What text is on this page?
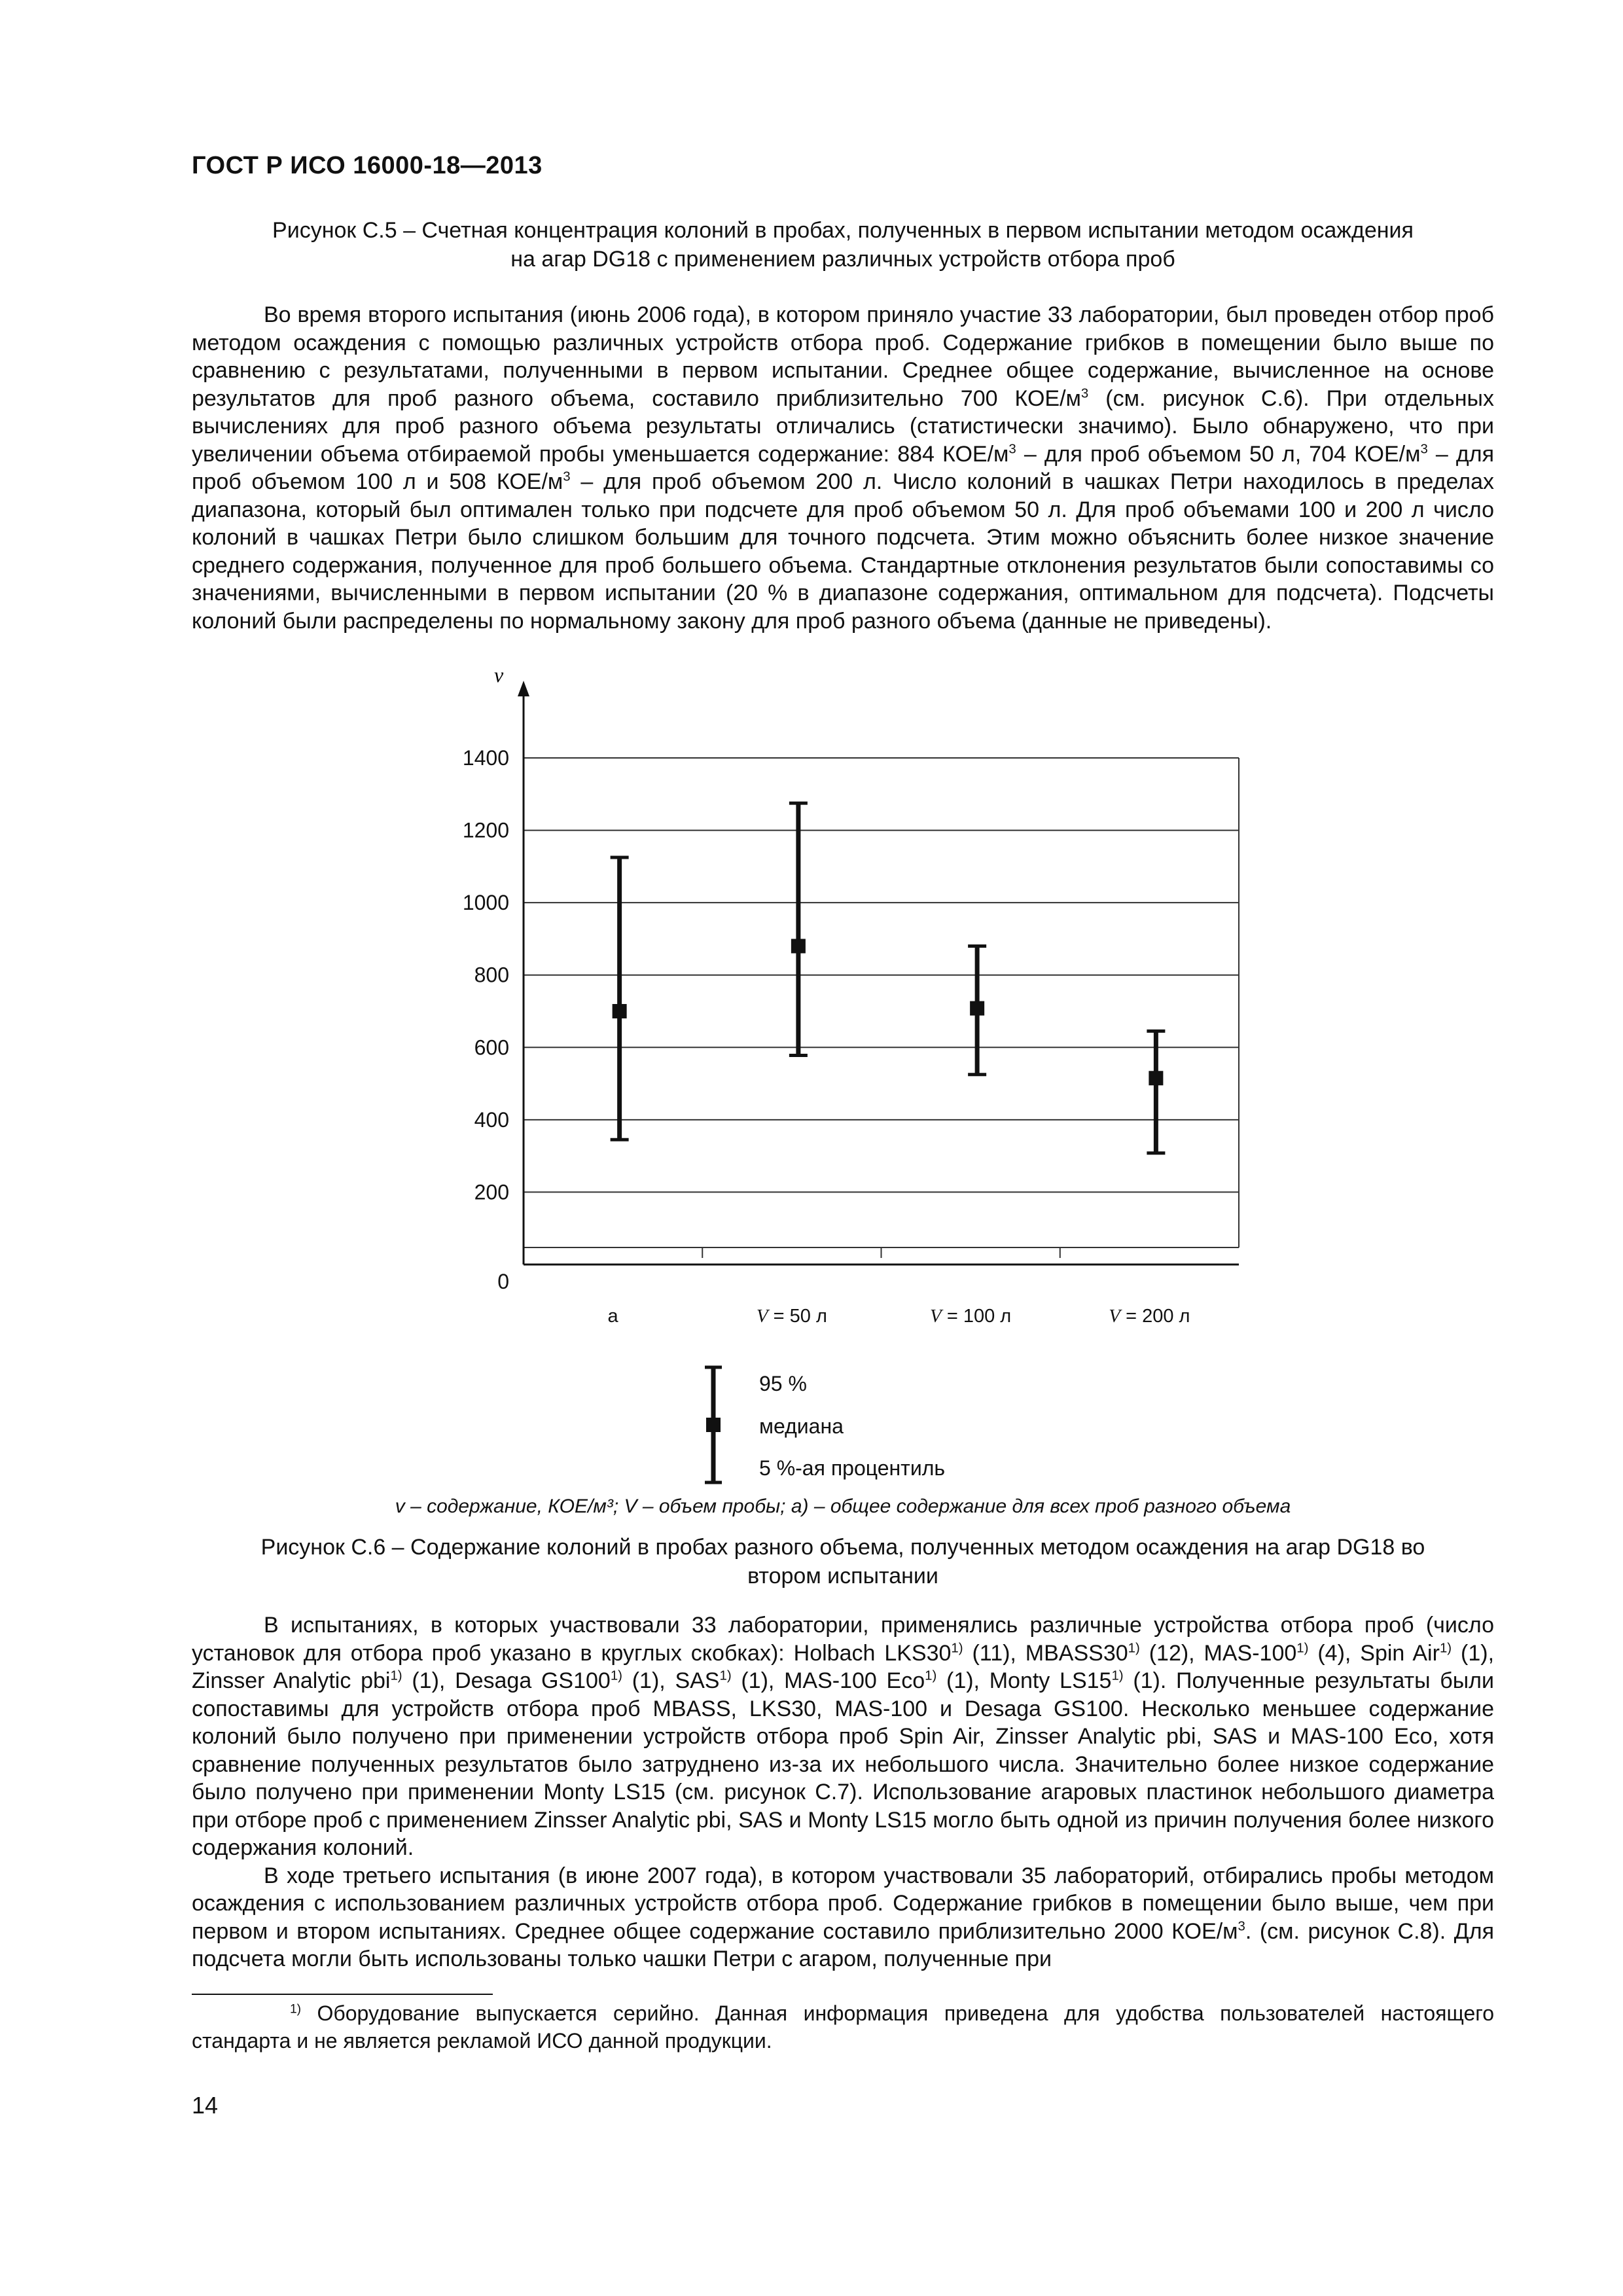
ГОСТ Р ИСО 16000-18—2013
Рисунок С.5 – Счетная концентрация колоний в пробах, полученных в первом испытании методом осаждения
на агар DG18 с применением различных устройств отбора проб

Во время второго испытания (июнь 2006 года), в котором приняло участие 33 лаборатории, был проведен отбор проб методом осаждения с помощью различных устройств отбора проб. Содержание грибков в помещении было выше по сравнению с результатами, полученными в первом испытании. Среднее общее содержание, вычисленное на основе результатов для проб разного объема, составило приблизительно 700 КОЕ/$м^3$ (см. рисунок С.6). При отдельных вычислениях для проб разного объема результаты отличались (статистически значимо). Было обнаружено, что при увеличении объема отбираемой пробы уменьшается содержание: 884 КОЕ/$м^3$ – для проб объемом 50 л, 704 КОЕ/$м^3$ – для проб объемом 100 л и 508 КОЕ/$м^3$ – для проб объемом 200 л. Число колоний в чашках Петри находилось в пределах диапазона, который был оптимален только при подсчете для проб объемом 50 л. Для проб объемами 100 и 200 л число колоний в чашках Петри было слишком большим для точного подсчета. Этим можно объяснить более низкое значение среднего содержания, полученное для проб большего объема. Стандартные отклонения результатов были сопоставимы со значениями, вычисленными в первом испытании (20 % в диапазоне содержания, оптимальном для подсчета). Подсчеты колоний были распределены по нормальному закону для проб разного объема (данные не приведены).

v
0
200
400
600
800
1000
1200
1400
а	V = 50 л	V = 100 л	V = 200 л
95 %
медиана
5 %-ая процентиль
v – содержание, КОЕ/м³; V – объем пробы; а) – общее содержание для всех проб разного объема
Рисунок С.6 – Содержание колоний в пробах разного объема, полученных методом осаждения на агар DG18 во
втором испытании

В испытаниях, в которых участвовали 33 лаборатории, применялись различные устройства отбора проб (число установок для отбора проб указано в круглых скобках): Holbach LKS30$^{1)}$ (11), MBASS30$^{1)}$ (12), MAS-100$^{1)}$ (4), Spin Air$^{1)}$ (1), Zinsser Analytic pbi$^{1)}$ (1), Desaga GS100$^{1)}$ (1), SAS$^{1)}$ (1), MAS-100 Eco$^{1)}$ (1), Monty LS15$^{1)}$ (1). Полученные результаты были сопоставимы для устройств отбора проб MBASS, LKS30, MAS-100 и Desaga GS100. Несколько меньшее содержание колоний было получено при применении устройств отбора проб Spin Air, Zinsser Analytic pbi, SAS и MAS-100 Eco, хотя сравнение полученных результатов было затруднено из-за их небольшого числа. Значительно более низкое содержание было получено при применении Monty LS15 (см. рисунок С.7). Использование агаровых пластинок небольшого диаметра при отборе проб с применением Zinsser Analytic pbi, SAS и Monty LS15 могло быть одной из причин получения более низкого содержания колоний.

В ходе третьего испытания (в июне 2007 года), в котором участвовали 35 лабораторий, отбирались пробы методом осаждения с использованием различных устройств отбора проб. Содержание грибков в помещении было выше, чем при первом и втором испытаниях. Среднее общее содержание составило приблизительно 2000 КОЕ/$м^3$. (см. рисунок С.8). Для подсчета могли быть использованы только чашки Петри с агаром, полученные при

$^{1)}$ Оборудование выпускается серийно. Данная информация приведена для удобства пользователей настоящего стандарта и не является рекламой ИСО данной продукции.
14
